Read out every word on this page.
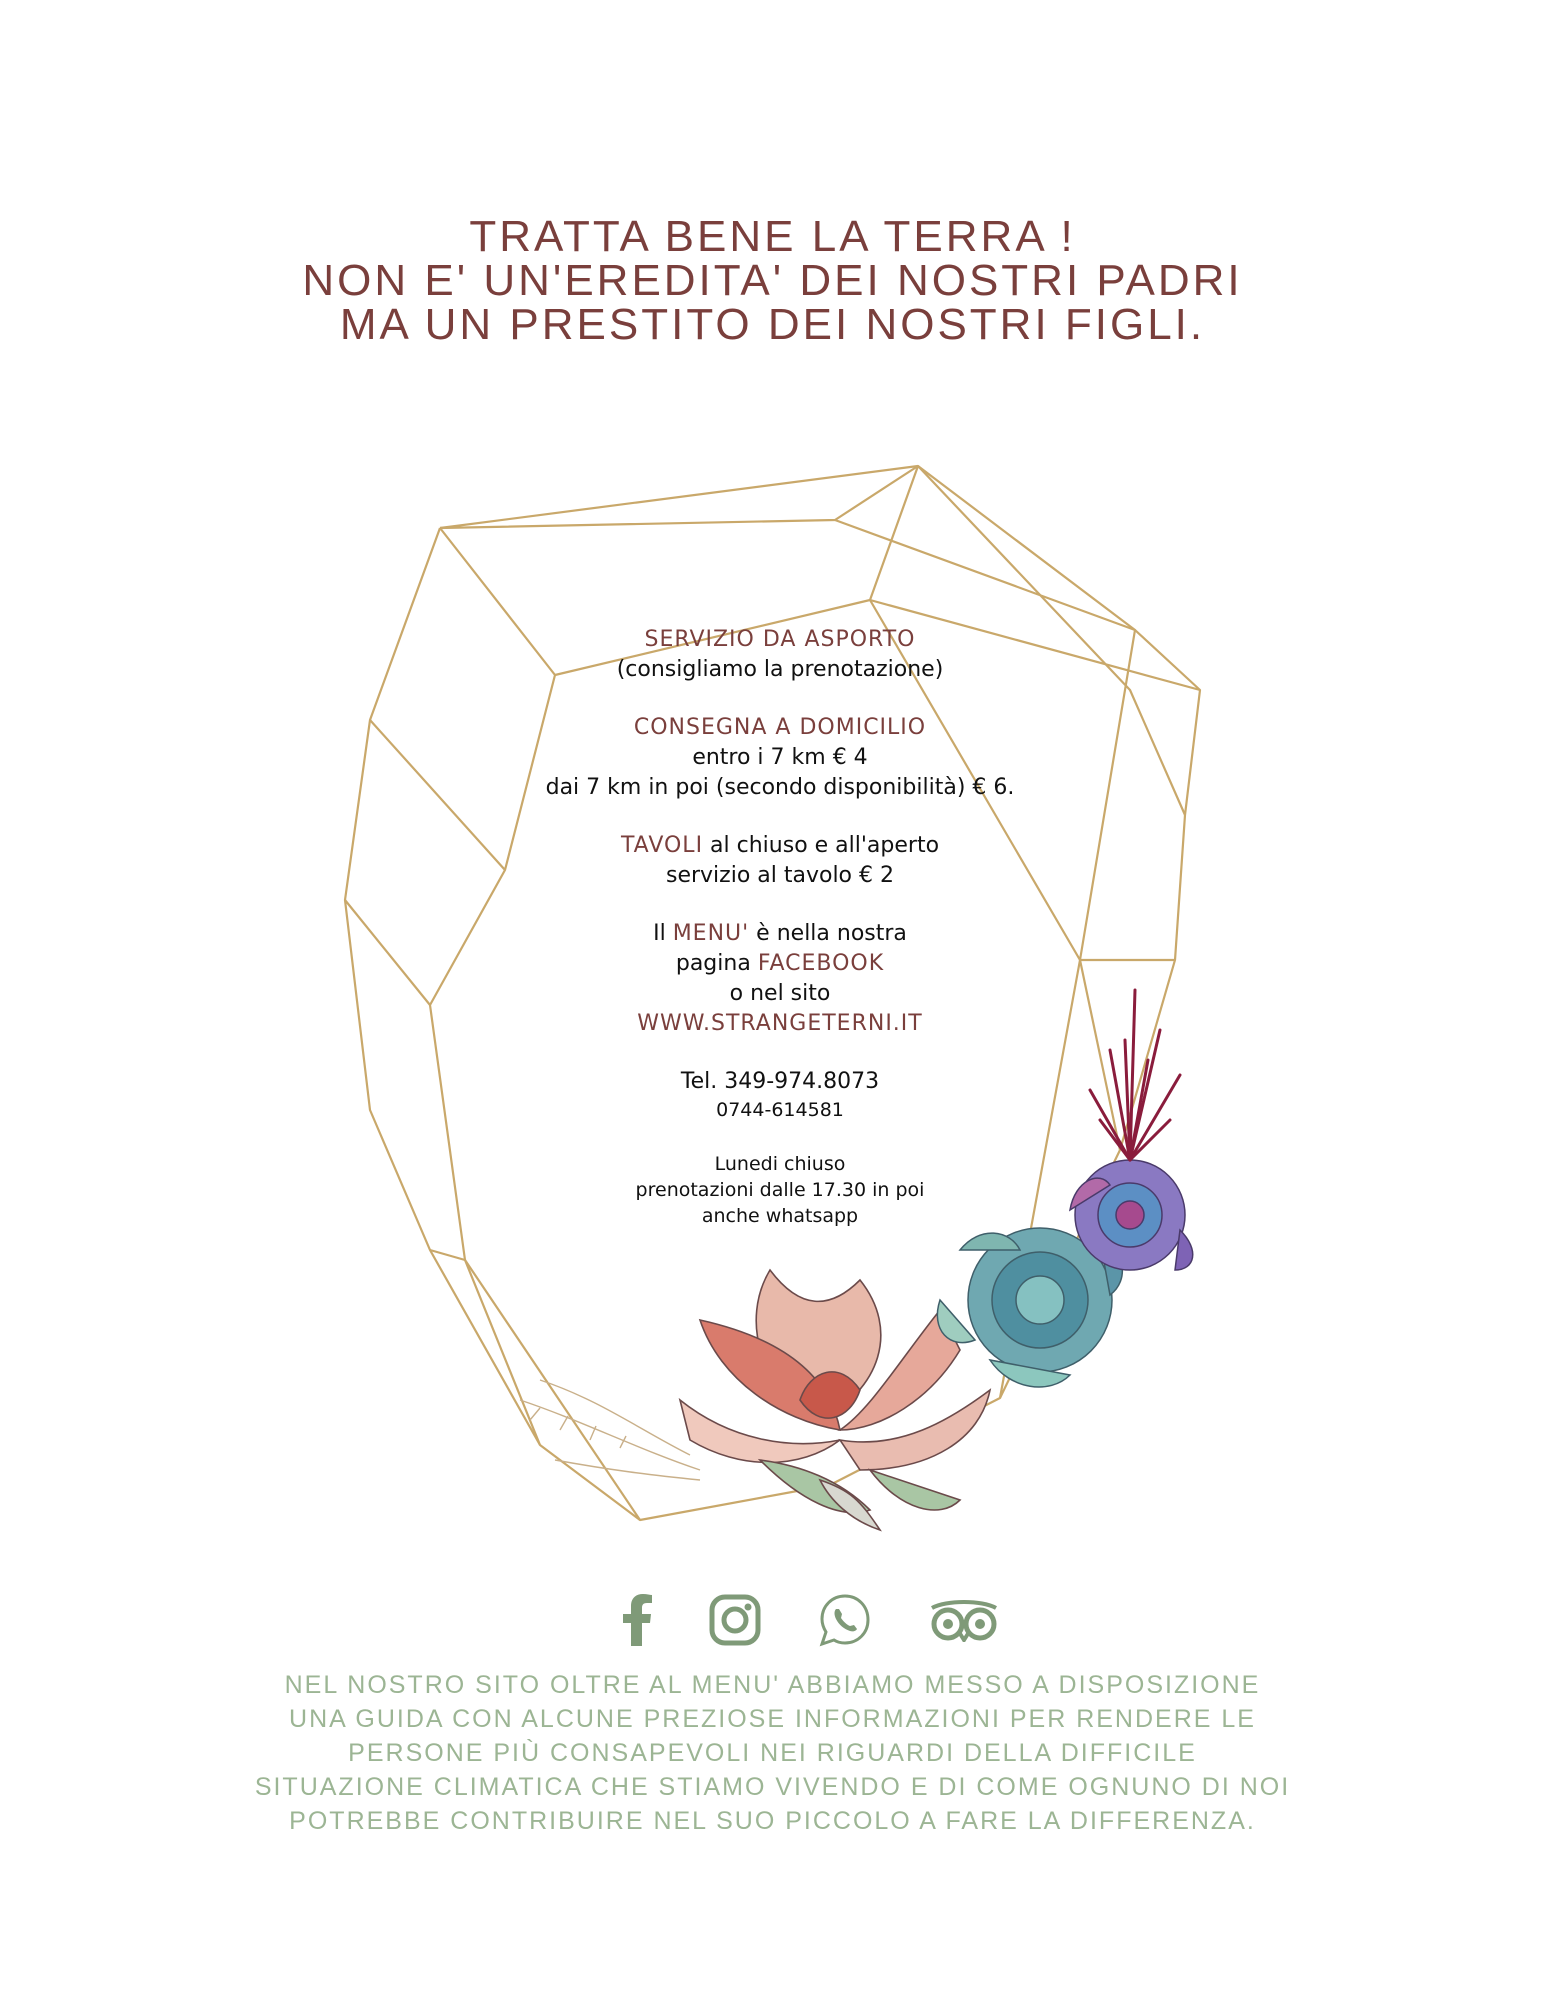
TRATTA BENE LA TERRA !
NON E' UN'EREDITA' DEI NOSTRI PADRI
MA UN PRESTITO DEI NOSTRI FIGLI.
SERVIZIO DA ASPORTO
(consigliamo la prenotazione)
CONSEGNA A DOMICILIO
entro i 7 km € 4
dai 7 km in poi (secondo disponibilità) € 6.
TAVOLI al chiuso e all'aperto
servizio al tavolo € 2
Il MENU' è nella nostra
pagina FACEBOOK
o nel sito
WWW.STRANGETERNI.IT
Tel. 349-974.8073
0744-614581
Lunedi chiuso
prenotazioni dalle 17.30 in poi
anche whatsapp
NEL NOSTRO SITO OLTRE AL MENU' ABBIAMO MESSO A DISPOSIZIONE
UNA GUIDA CON ALCUNE PREZIOSE INFORMAZIONI PER RENDERE LE
PERSONE PIÙ CONSAPEVOLI NEI RIGUARDI DELLA DIFFICILE
SITUAZIONE CLIMATICA CHE STIAMO VIVENDO E DI COME OGNUNO DI NOI
POTREBBE CONTRIBUIRE NEL SUO PICCOLO A FARE LA DIFFERENZA.
